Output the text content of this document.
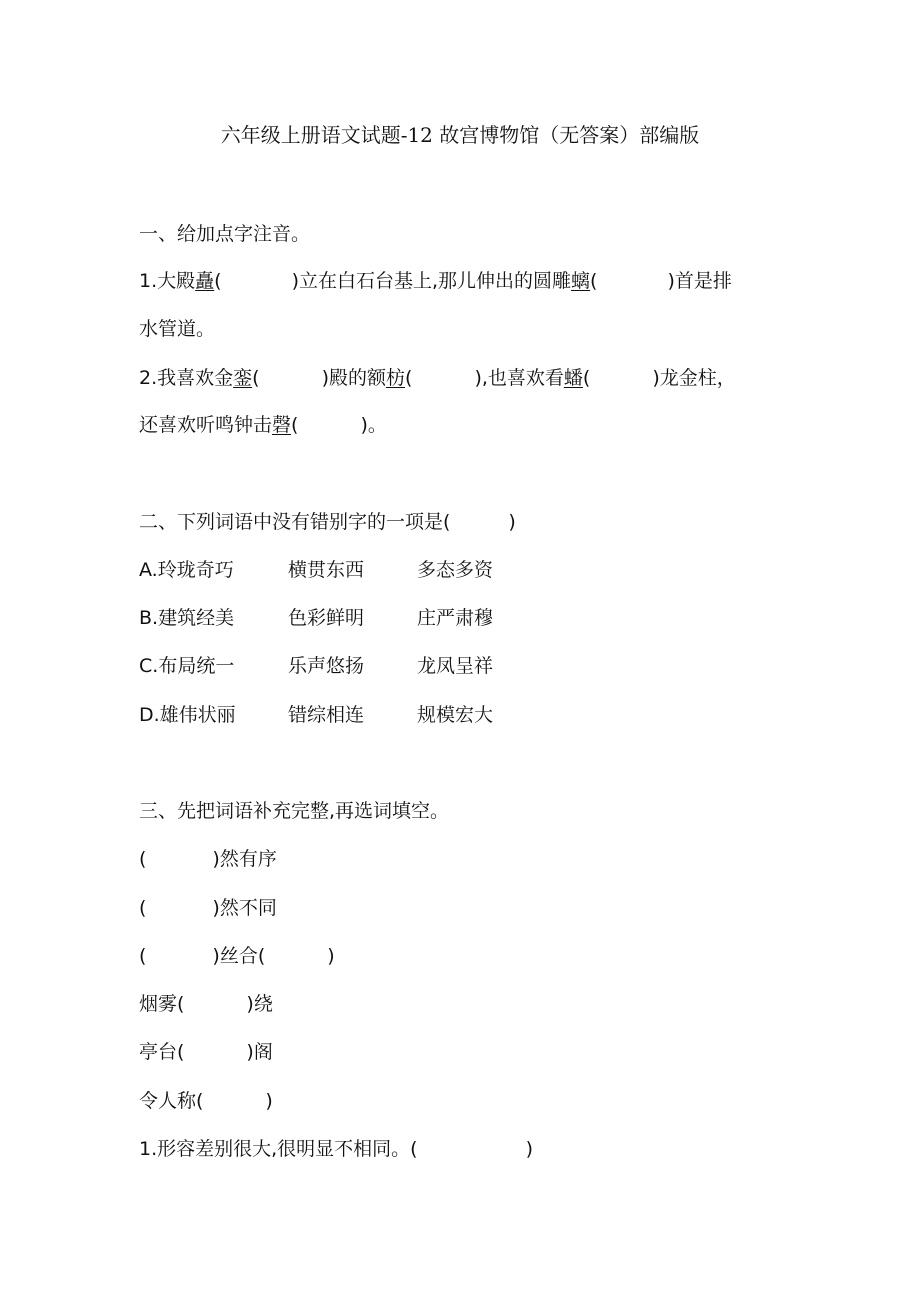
六年级上册语文试题-12 故宫博物馆（无答案）部编版
一、给加点字注音。
1.大殿矗(	)立在白石台基上,那儿伸出的圆雕螭(	)首是排
水管道。
2.我喜欢金銮(	)殿的额枋(	),也喜欢看蟠(	)龙金柱，
还喜欢听鸣钟击磬(	)。
二、下列词语中没有错别字的一项是(	)
A.玲珑奇巧	横贯东西	多态多资
B.建筑经美	色彩鲜明	庄严肃穆
C.布局统一	乐声悠扬	龙凤呈祥
D.雄伟状丽	错综相连	规模宏大
三、先把词语补充完整,再选词填空。
(	)然有序
(	)然不同
(	)丝合(	)
烟雾(	)绕
亭台(	)阁
令人称(	)
1.形容差别很大,很明显不相同。(	)
